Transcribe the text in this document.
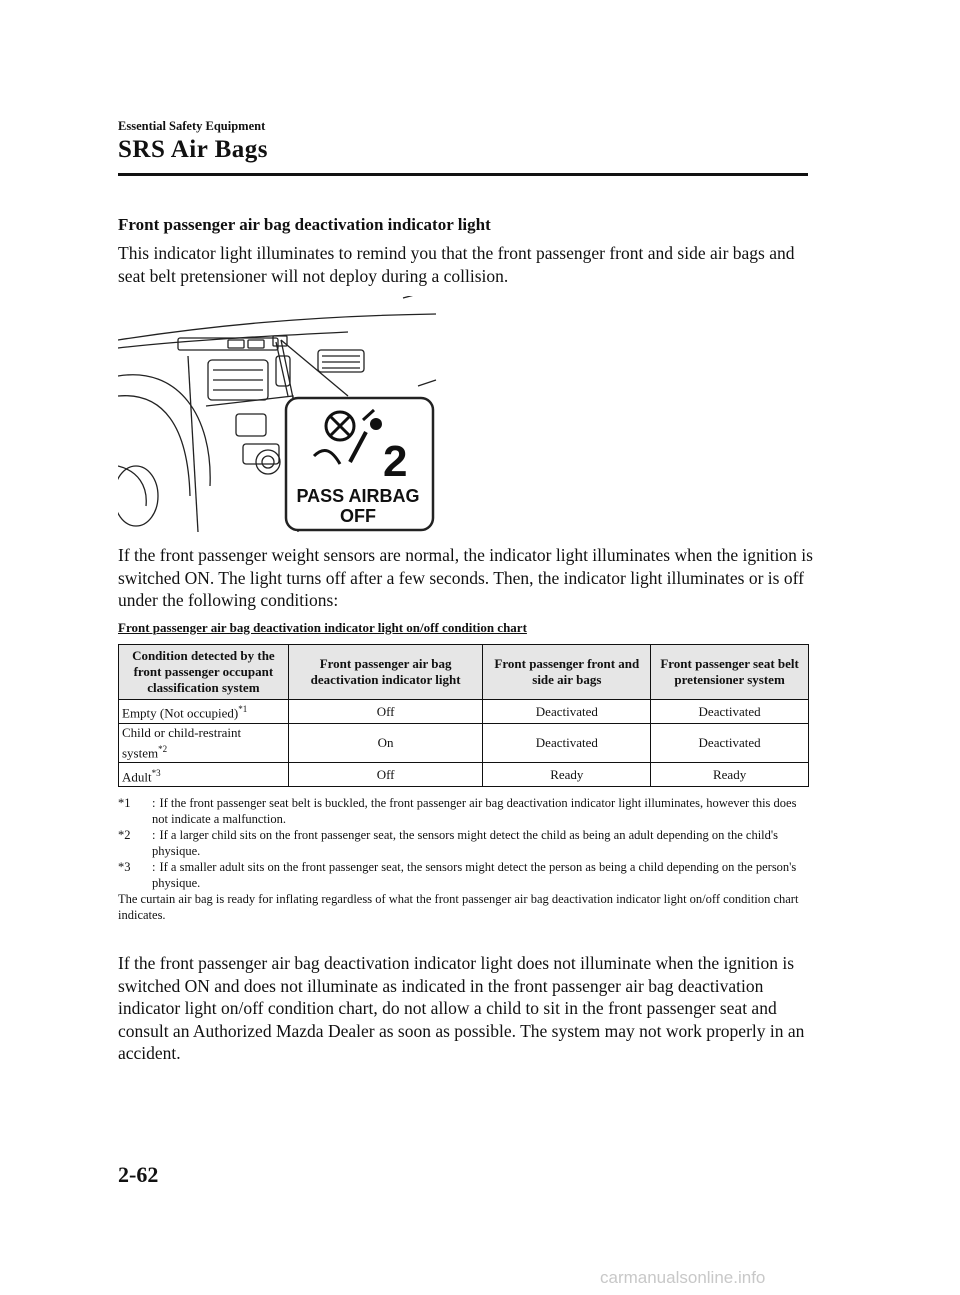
Essential Safety Equipment
SRS Air Bags
Front passenger air bag deactivation indicator light
This indicator light illuminates to remind you that the front passenger front and side air bags and seat belt pretensioner will not deploy during a collision.
2
PASS AIRBAG
OFF
If the front passenger weight sensors are normal, the indicator light illuminates when the ignition is switched ON. The light turns off after a few seconds. Then, the indicator light illuminates or is off under the following conditions:
Front passenger air bag deactivation indicator light on/off condition chart
Condition detected by the front passenger occupant classification system	Front passenger air bag deactivation indicator light	Front passenger front and side air bags	Front passenger seat belt pretensioner system
Empty (Not occupied)$^{*1}$	Off	Deactivated	Deactivated
Child or child-restraint system$^{*2}$	On	Deactivated	Deactivated
Adult$^{*3}$	Off	Ready	Ready
*1	: If the front passenger seat belt is buckled, the front passenger air bag deactivation indicator light illuminates, however this does not indicate a malfunction.
*2	: If a larger child sits on the front passenger seat, the sensors might detect the child as being an adult depending on the child's physique.
*3	: If a smaller adult sits on the front passenger seat, the sensors might detect the person as being a child depending on the person's physique.
The curtain air bag is ready for inflating regardless of what the front passenger air bag deactivation indicator light on/off condition chart indicates.
If the front passenger air bag deactivation indicator light does not illuminate when the ignition is switched ON and does not illuminate as indicated in the front passenger air bag deactivation indicator light on/off condition chart, do not allow a child to sit in the front passenger seat and consult an Authorized Mazda Dealer as soon as possible. The system may not work properly in an accident.
2-62
carmanualsonline.info
